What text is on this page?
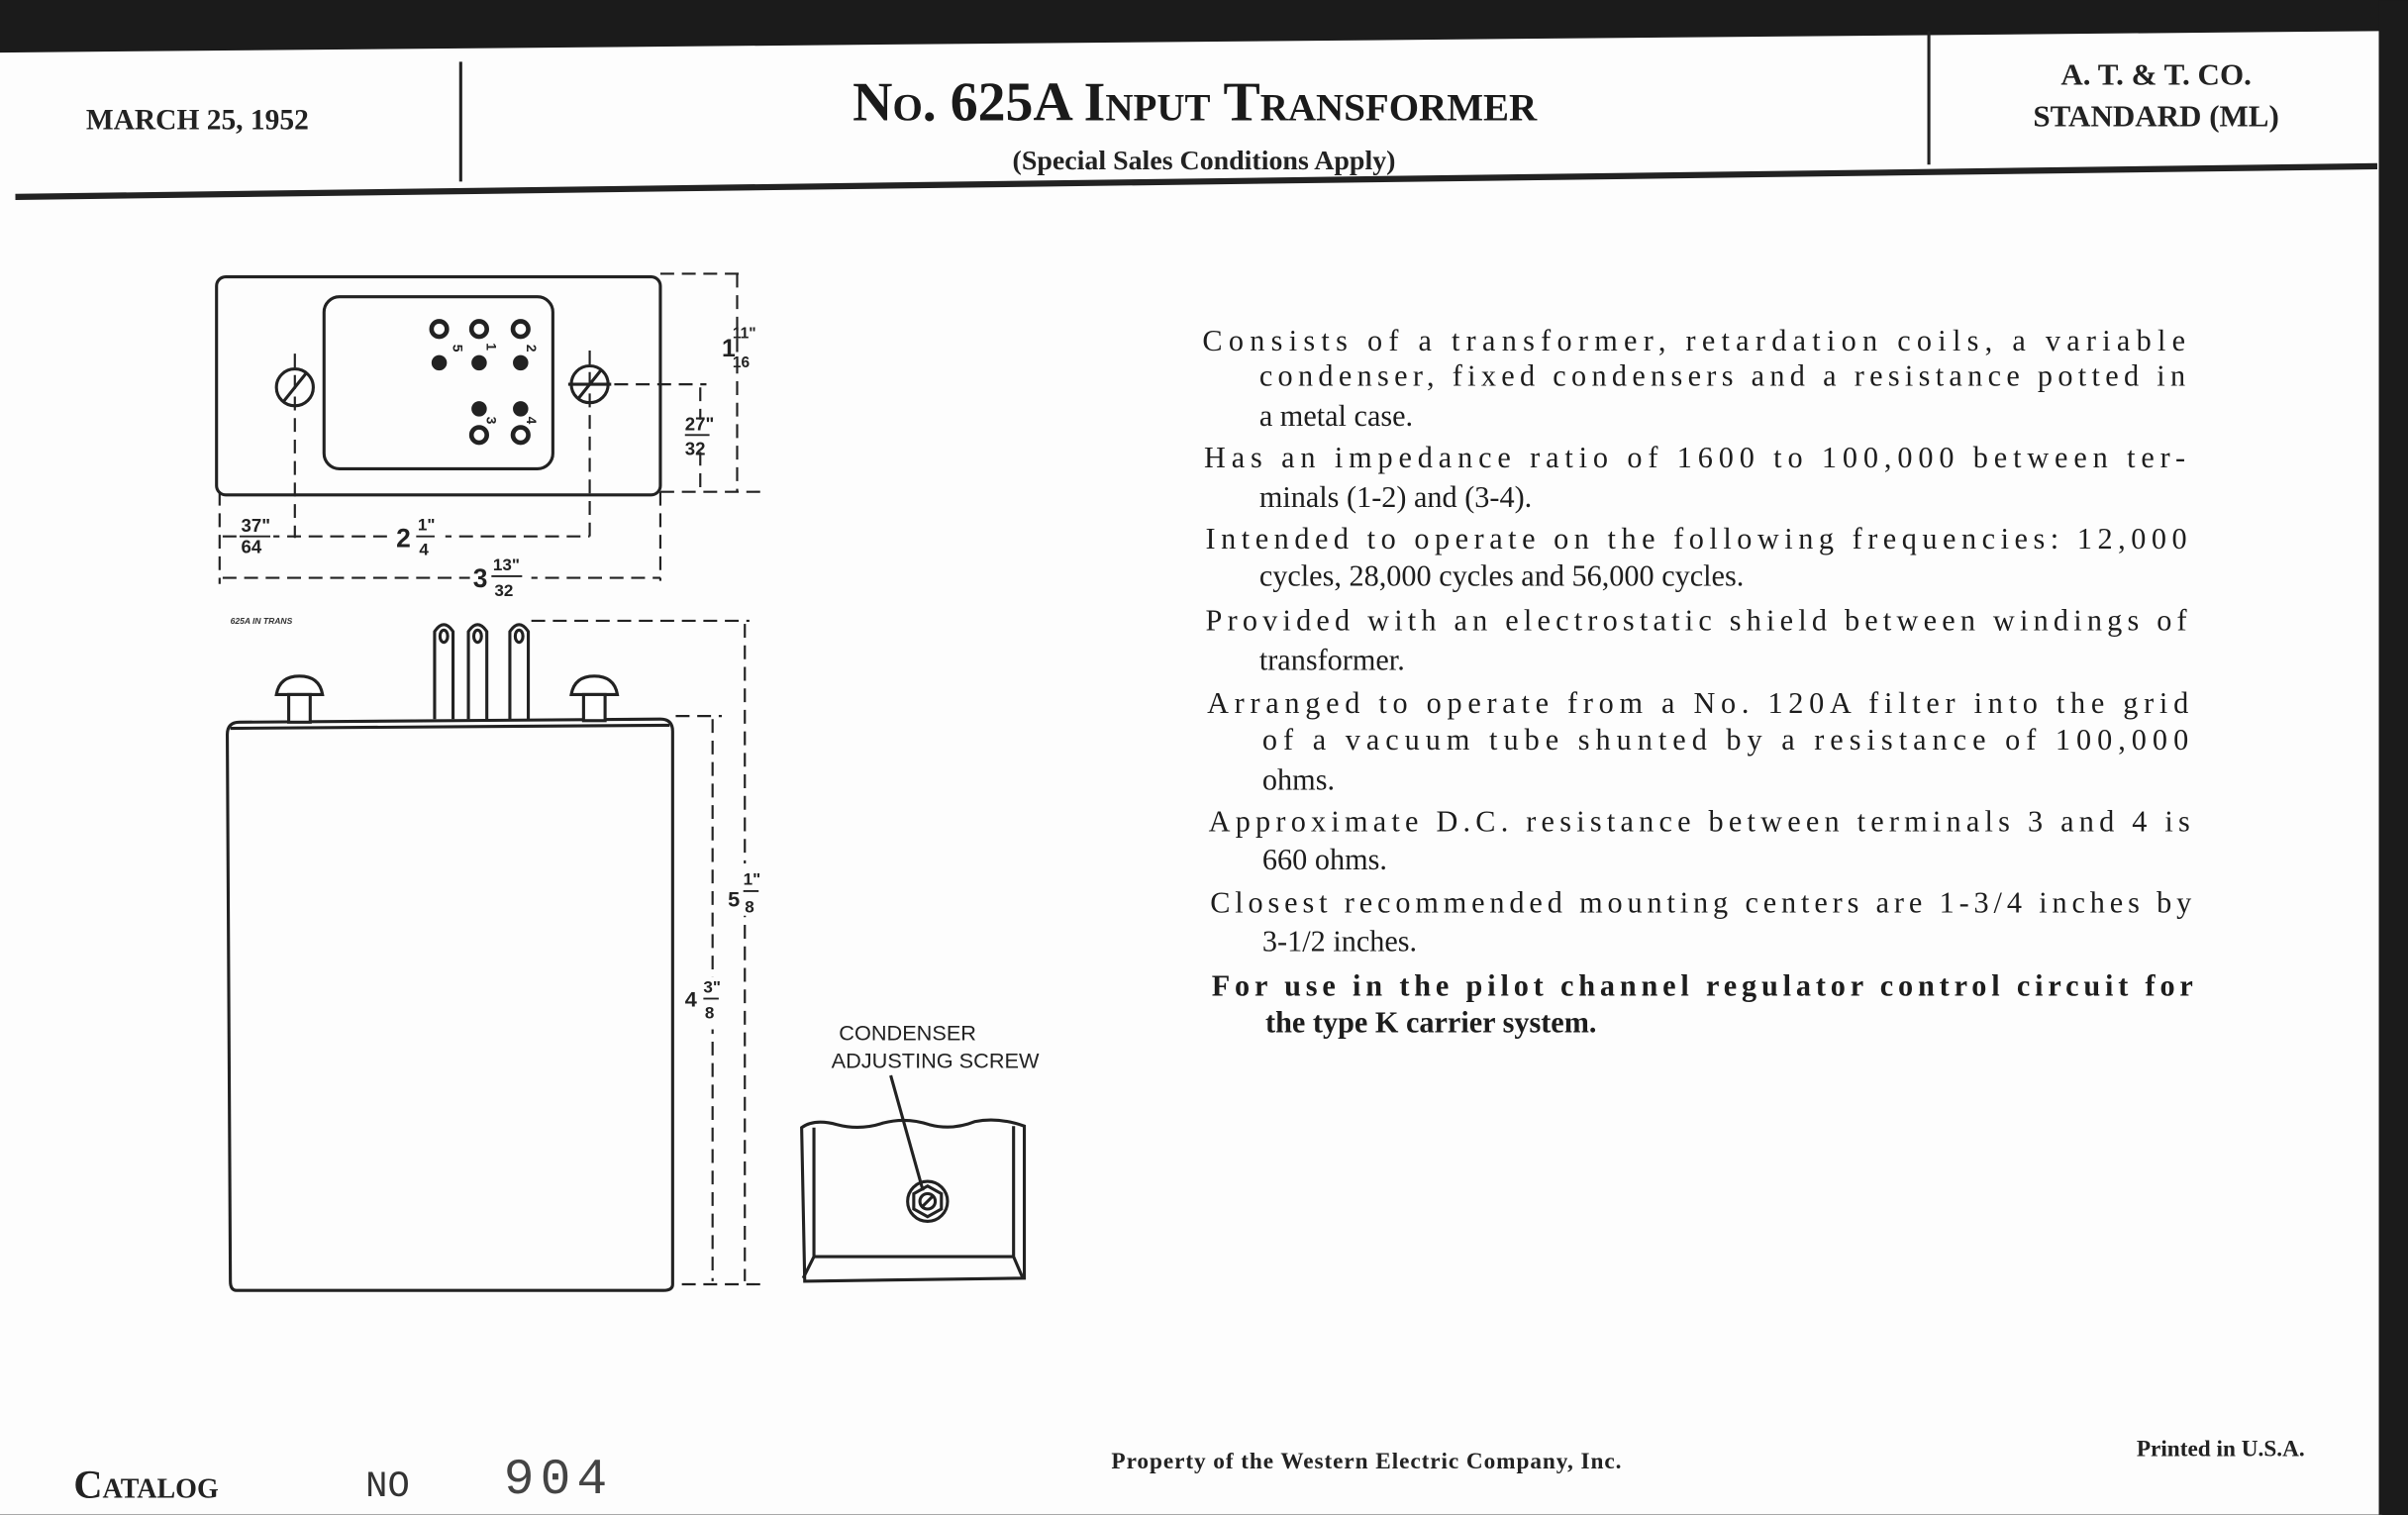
MARCH 25, 1952	No. 625A Input Transformer
(Special Sales Conditions Apply)
A. T. & T. CO.
STANDARD (ML)
Consists of a transformer, retardation coils, a variable
condenser, fixed condensers and a resistance potted in
a metal case.
Has an impedance ratio of 1600 to 100,000 between ter-
minals (1-2) and (3-4).
Intended to operate on the following frequencies: 12,000
cycles, 28,000 cycles and 56,000 cycles.
Provided with an electrostatic shield between windings of
transformer.
Arranged to operate from a No. 120A filter into the grid
of a vacuum tube shunted by a resistance of 100,000
ohms.
Approximate D.C. resistance between terminals 3 and 4 is
660 ohms.
Closest recommended mounting centers are 1-3/4 inches by
3-1/2 inches.
For use in the pilot channel regulator control circuit for
the type K carrier system.
5 1	2
3	4
1
11"
16
27"
32
37"
64	2 1"
4
3 13"
32
625A IN TRANS
5
1"
8
4 3"
8
CONDENSER
ADJUSTING SCREW
Catalog	NO	904	Property of the Western Electric Company, Inc.	Printed in U.S.A.
